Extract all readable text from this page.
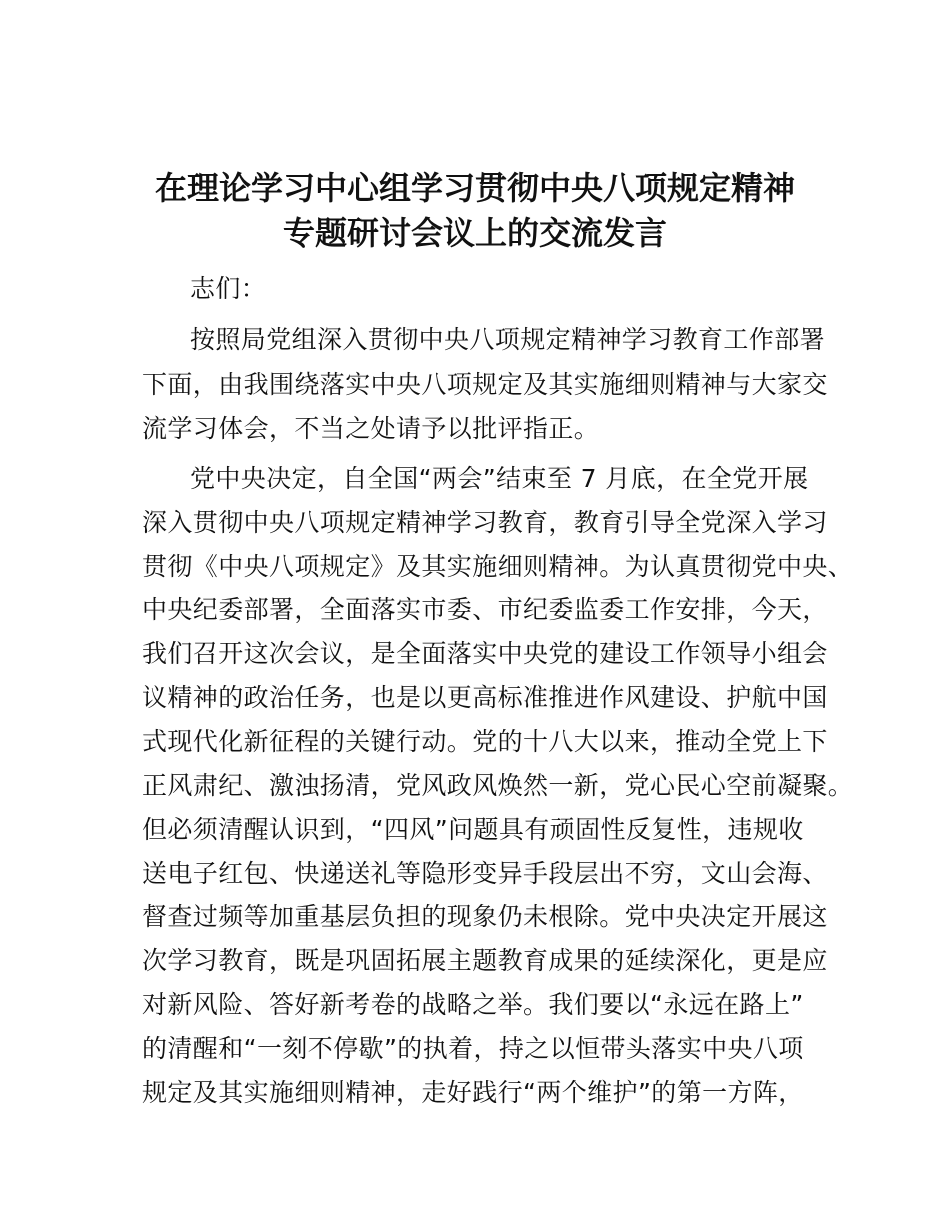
在理论学习中心组学习贯彻中央八项规定精神
专题研讨会议上的交流发言
志们：
按照局党组深入贯彻中央八项规定精神学习教育工作部署
下面，由我围绕落实中央八项规定及其实施细则精神与大家交
流学习体会，不当之处请予以批评指正。
党中央决定，自全国“两会”结束至 7 月底，在全党开展
深入贯彻中央八项规定精神学习教育，教育引导全党深入学习
贯彻《中央八项规定》及其实施细则精神。为认真贯彻党中央、
中央纪委部署，全面落实市委、市纪委监委工作安排，今天，
我们召开这次会议，是全面落实中央党的建设工作领导小组会
议精神的政治任务，也是以更高标准推进作风建设、护航中国
式现代化新征程的关键行动。党的十八大以来，推动全党上下
正风肃纪、激浊扬清，党风政风焕然一新，党心民心空前凝聚。
但必须清醒认识到，“四风”问题具有顽固性反复性，违规收
送电子红包、快递送礼等隐形变异手段层出不穷，文山会海、
督查过频等加重基层负担的现象仍未根除。党中央决定开展这
次学习教育，既是巩固拓展主题教育成果的延续深化，更是应
对新风险、答好新考卷的战略之举。我们要以“永远在路上”
的清醒和“一刻不停歇”的执着，持之以恒带头落实中央八项
规定及其实施细则精神，走好践行“两个维护”的第一方阵，
